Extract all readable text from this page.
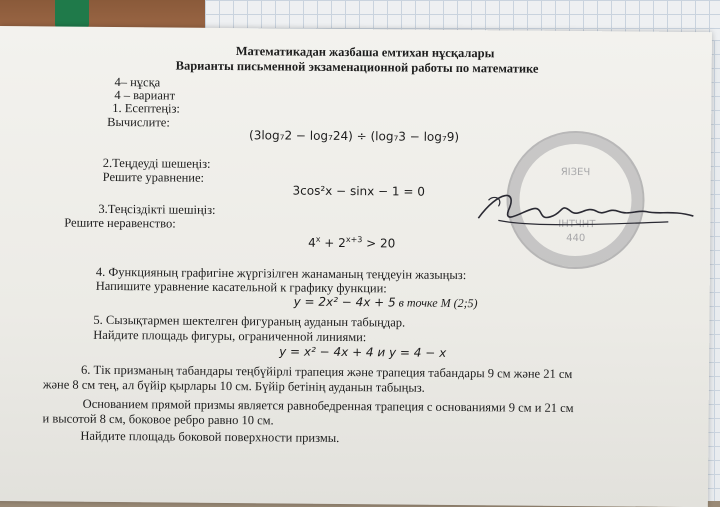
Математикадан жазбаша емтихан нұсқалары
Варианты письменной экзаменационной работы по математике
4– нұсқа
4 – вариант
1. Есептеңіз:
Вычислите:
(3log₇2 − log₇24) ÷ (log₇3 − log₇9)
2.Теңдеуді шешеңіз:
Решите уравнение:
3cos²x − sinx − 1 = 0
3.Теңсіздікті шешіңіз:
Решите неравенство:
$4^x + 2^{x+3} > 20$
4. Функцияның графигіне жүргізілген жанаманың теңдеуін жазыңыз:
Напишите уравнение касательной к графику функции:
y = 2x² − 4x + 5 в точке M (2;5)
5. Сызықтармен шектелген фигураның ауданын табыңдар.
Найдите площадь фигуры, ограниченной линиями:
y = x² − 4x + 4 и y = 4 − x
6. Тік призманың табандары теңбүйірлі трапеция және трапеция табандары 9 см және 21 см
және 8 см тең, ал бүйір қырлары 10 см. Бүйір бетінің ауданын табыңыз.
Основанием прямой призмы является равнобедренная трапеция с основаниями 9 см и 21 см
и высотой 8 см, боковое ребро равно 10 см.
Найдите площадь боковой поверхности призмы.
ЯIЗЕЧ
IНТЧНТ
440
